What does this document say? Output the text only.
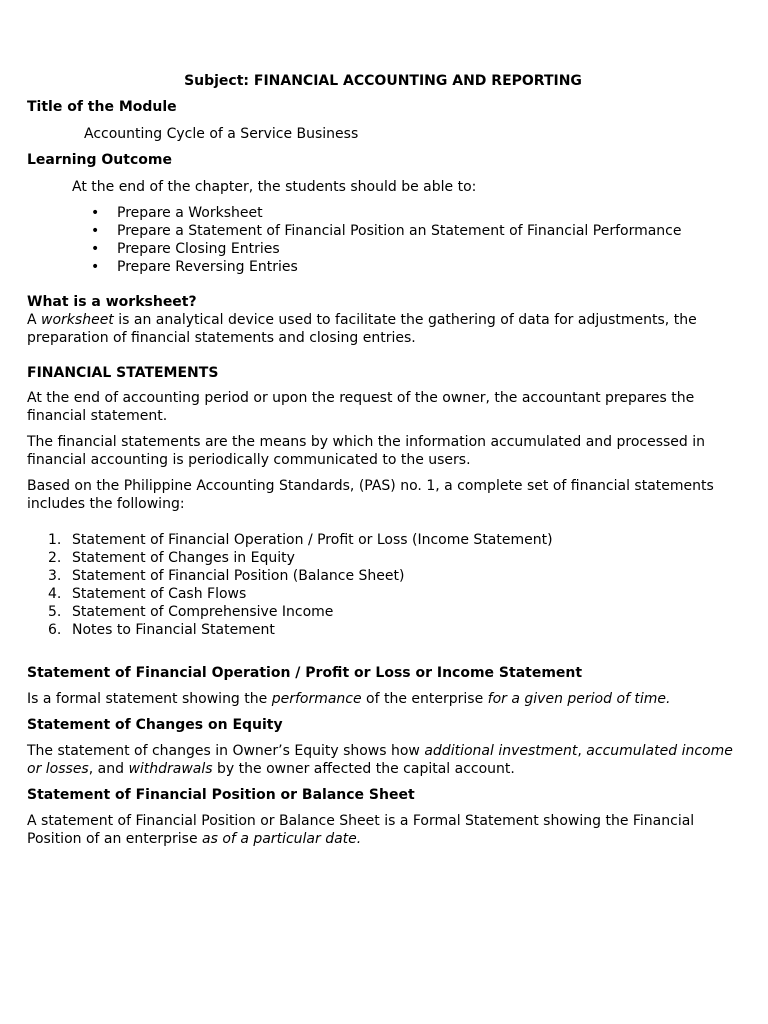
Subject: FINANCIAL ACCOUNTING AND REPORTING

Title of the Module

Accounting Cycle of a Service Business

Learning Outcome

At the end of the chapter, the students should be able to:

• Prepare a Worksheet
• Prepare a Statement of Financial Position an Statement of Financial Performance
• Prepare Closing Entries
• Prepare Reversing Entries

What is a worksheet?

A worksheet is an analytical device used to facilitate the gathering of data for adjustments, the preparation of financial statements and closing entries.

FINANCIAL STATEMENTS

At the end of accounting period or upon the request of the owner, the accountant prepares the financial statement.

The financial statements are the means by which the information accumulated and processed in financial accounting is periodically communicated to the users.

Based on the Philippine Accounting Standards, (PAS) no. 1, a complete set of financial statements includes the following:

1. Statement of Financial Operation / Profit or Loss (Income Statement)
2. Statement of Changes in Equity
3. Statement of Financial Position (Balance Sheet)
4. Statement of Cash Flows
5. Statement of Comprehensive Income
6. Notes to Financial Statement

Statement of Financial Operation / Profit or Loss or Income Statement

Is a formal statement showing the performance of the enterprise for a given period of time.

Statement of Changes on Equity

The statement of changes in Owner’s Equity shows how additional investment, accumulated income or losses, and withdrawals by the owner affected the capital account.

Statement of Financial Position or Balance Sheet

A statement of Financial Position or Balance Sheet is a Formal Statement showing the Financial Position of an enterprise as of a particular date.
